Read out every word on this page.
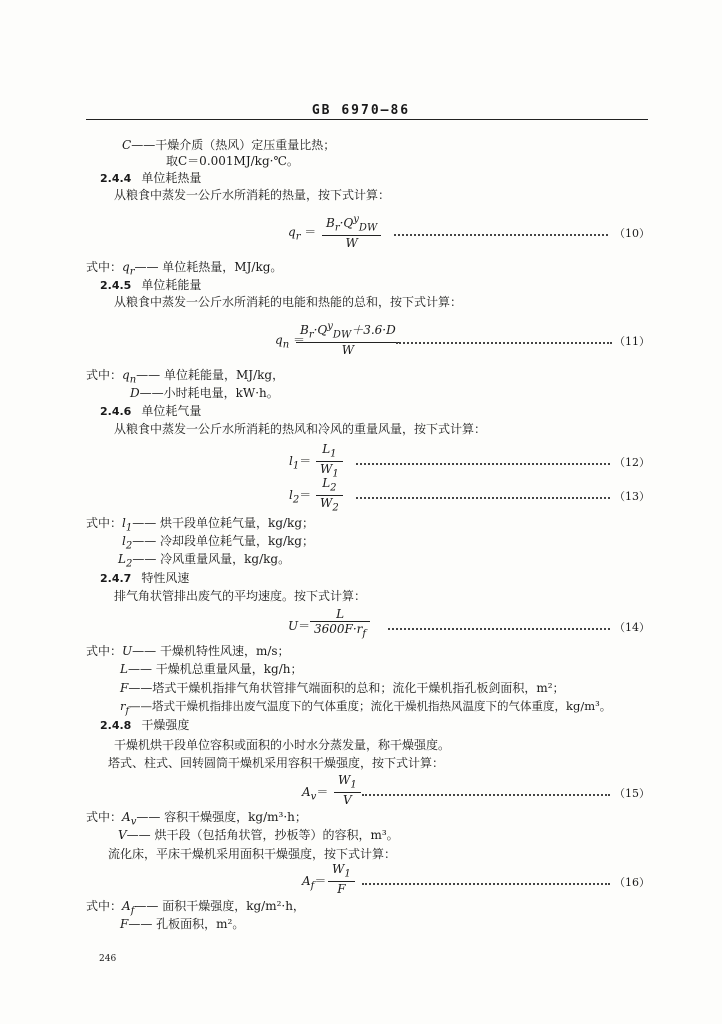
GB 6970—86
C——干燥介质（热风）定压重量比热；
取C＝0.001MJ/kg·℃。
2.4.4 单位耗热量
从粮食中蒸发一公斤水所消耗的热量，按下式计算：
$q_r$ ＝
$B_r\cdot Q^y_{DW}$
W
（10）
式中：$q_r——$ 单位耗热量，MJ/kg。
2.4.5 单位耗能量
从粮食中蒸发一公斤水所消耗的电能和热能的总和，按下式计算：
$q_n$ ＝
$B_r\cdot Q^y_{DW}+3.6\cdot D$
W
（11）
式中：$q_n——$ 单位耗能量，MJ/kg，
D——小时耗电量，kW·h。
2.4.6 单位耗气量
从粮食中蒸发一公斤水所消耗的热风和冷风的重量风量，按下式计算：
$l_1=$
$L_1$
$W_1$
（12）
$l_2=$
$L_2$
$W_2$
（13）
式中：$l_1——$ 烘干段单位耗气量，kg/kg；
$l_2——$ 冷却段单位耗气量，kg/kg；
$L_2——$ 冷风重量风量，kg/kg。
2.4.7 特性风速
排气角状管排出废气的平均速度。按下式计算：
U＝
L
$3600F\cdot r_f$	（14）
式中：U—— 干燥机特性风速，m/s；
L—— 干燥机总重量风量，kg/h；
F——塔式干燥机指排气角状管排气端面积的总和；流化干燥机指孔板剑面积，m²；
$r_f——$塔式干燥机指排出废气温度下的气体重度；流化干燥机指热风温度下的气体重度，kg/m³。
2.4.8 干燥强度
干燥机烘干段单位容积或面积的小时水分蒸发量，称干燥强度。
塔式、柱式、回转圆筒干燥机采用容积干燥强度，按下式计算：
$A_v=$
$W_1$
V	（15）
式中：$A_v——$ 容积干燥强度，kg/m³·h；
V—— 烘干段（包括角状管，抄板等）的容积，m³。
流化床，平床干燥机采用面积干燥强度，按下式计算：
$A_f=$
$W_1$
F	（16）
式中：$A_f——$ 面积干燥强度，kg/m²·h，
F—— 孔板面积，m²。
246
